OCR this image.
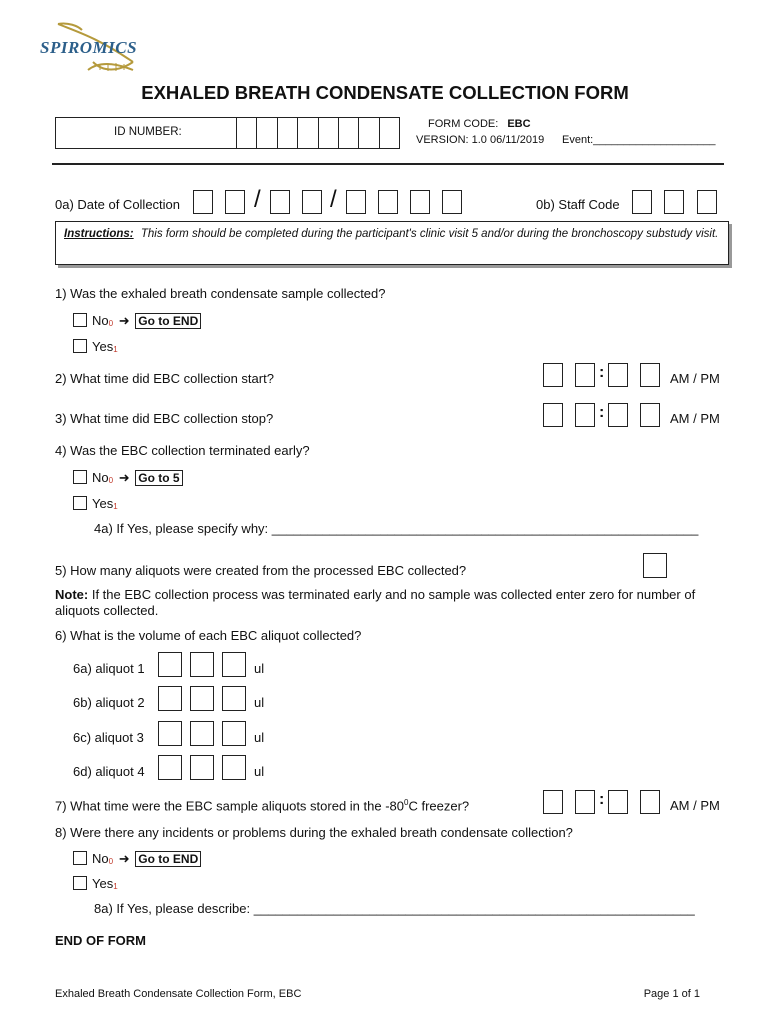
SPIROMICS
EXHALED BREATH CONDENSATE COLLECTION FORM
ID NUMBER:
FORM CODE: EBC
VERSION: 1.0 06/11/2019 Event:____________________
0a) Date of Collection	/	/	0b) Staff Code
Instructions: This form should be completed during the participant's clinic visit 5 and/or during the bronchoscopy substudy visit.
1) Was the exhaled breath condensate sample collected?
No0 ➜ Go to END
Yes1
2) What time did EBC collection start?	:	AM / PM
3) What time did EBC collection stop?	:	AM / PM
4) Was the EBC collection terminated early?
No0 ➜ Go to 5
Yes1
4a) If Yes, please specify why: ___________________________________________________________
5) How many aliquots were created from the processed EBC collected?
Note: If the EBC collection process was terminated early and no sample was collected enter zero for number of aliquots collected.
6) What is the volume of each EBC aliquot collected?
6a) aliquot 1	ul
6b) aliquot 2	ul
6c) aliquot 3	ul
6d) aliquot 4	ul
7) What time were the EBC sample aliquots stored in the $-80^0C$ freezer?	:	AM / PM
8) Were there any incidents or problems during the exhaled breath condensate collection?
No0 ➜ Go to END
Yes1
8a) If Yes, please describe: _____________________________________________________________
END OF FORM
Exhaled Breath Condensate Collection Form, EBC	Page 1 of 1
